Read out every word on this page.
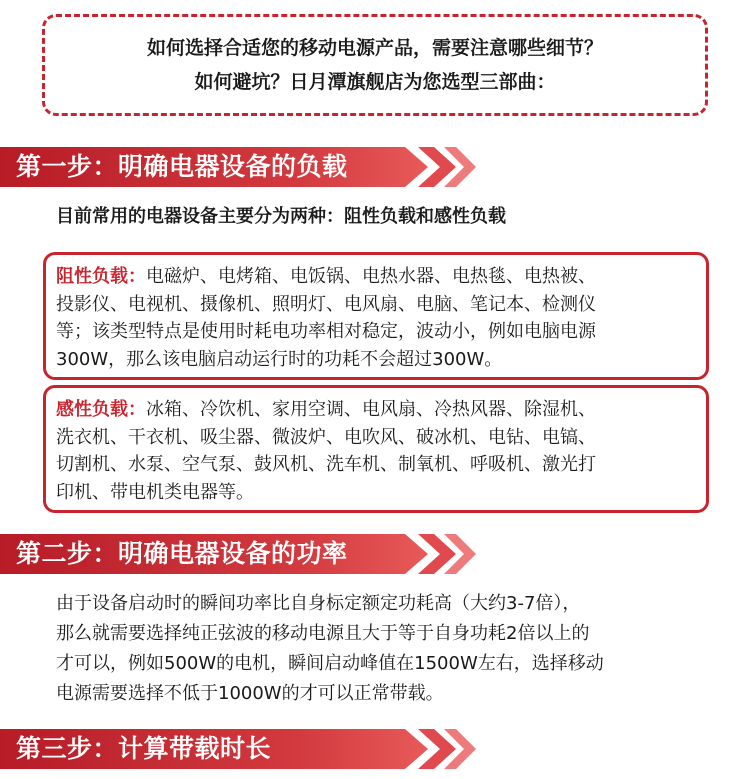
如何选择合适您的移动电源产品，需要注意哪些细节？
如何避坑？日月潭旗舰店为您选型三部曲：
第一步：明确电器设备的负载
目前常用的电器设备主要分为两种：阻性负载和感性负载
阻性负载：电磁炉、电烤箱、电饭锅、电热水器、电热毯、电热被、
投影仪、电视机、摄像机、照明灯、电风扇、电脑、笔记本、检测仪
等；该类型特点是使用时耗电功率相对稳定，波动小，例如电脑电源
300W，那么该电脑启动运行时的功耗不会超过300W。
感性负载：冰箱、冷饮机、家用空调、电风扇、冷热风器、除湿机、
洗衣机、干衣机、吸尘器、微波炉、电吹风、破冰机、电钻、电镐、
切割机、水泵、空气泵、鼓风机、洗车机、制氧机、呼吸机、激光打
印机、带电机类电器等。
第二步：明确电器设备的功率
由于设备启动时的瞬间功率比自身标定额定功耗高（大约3-7倍），
那么就需要选择纯正弦波的移动电源且大于等于自身功耗2倍以上的
才可以，例如500W的电机，瞬间启动峰值在1500W左右，选择移动
电源需要选择不低于1000W的才可以正常带载。
第三步：计算带载时长
